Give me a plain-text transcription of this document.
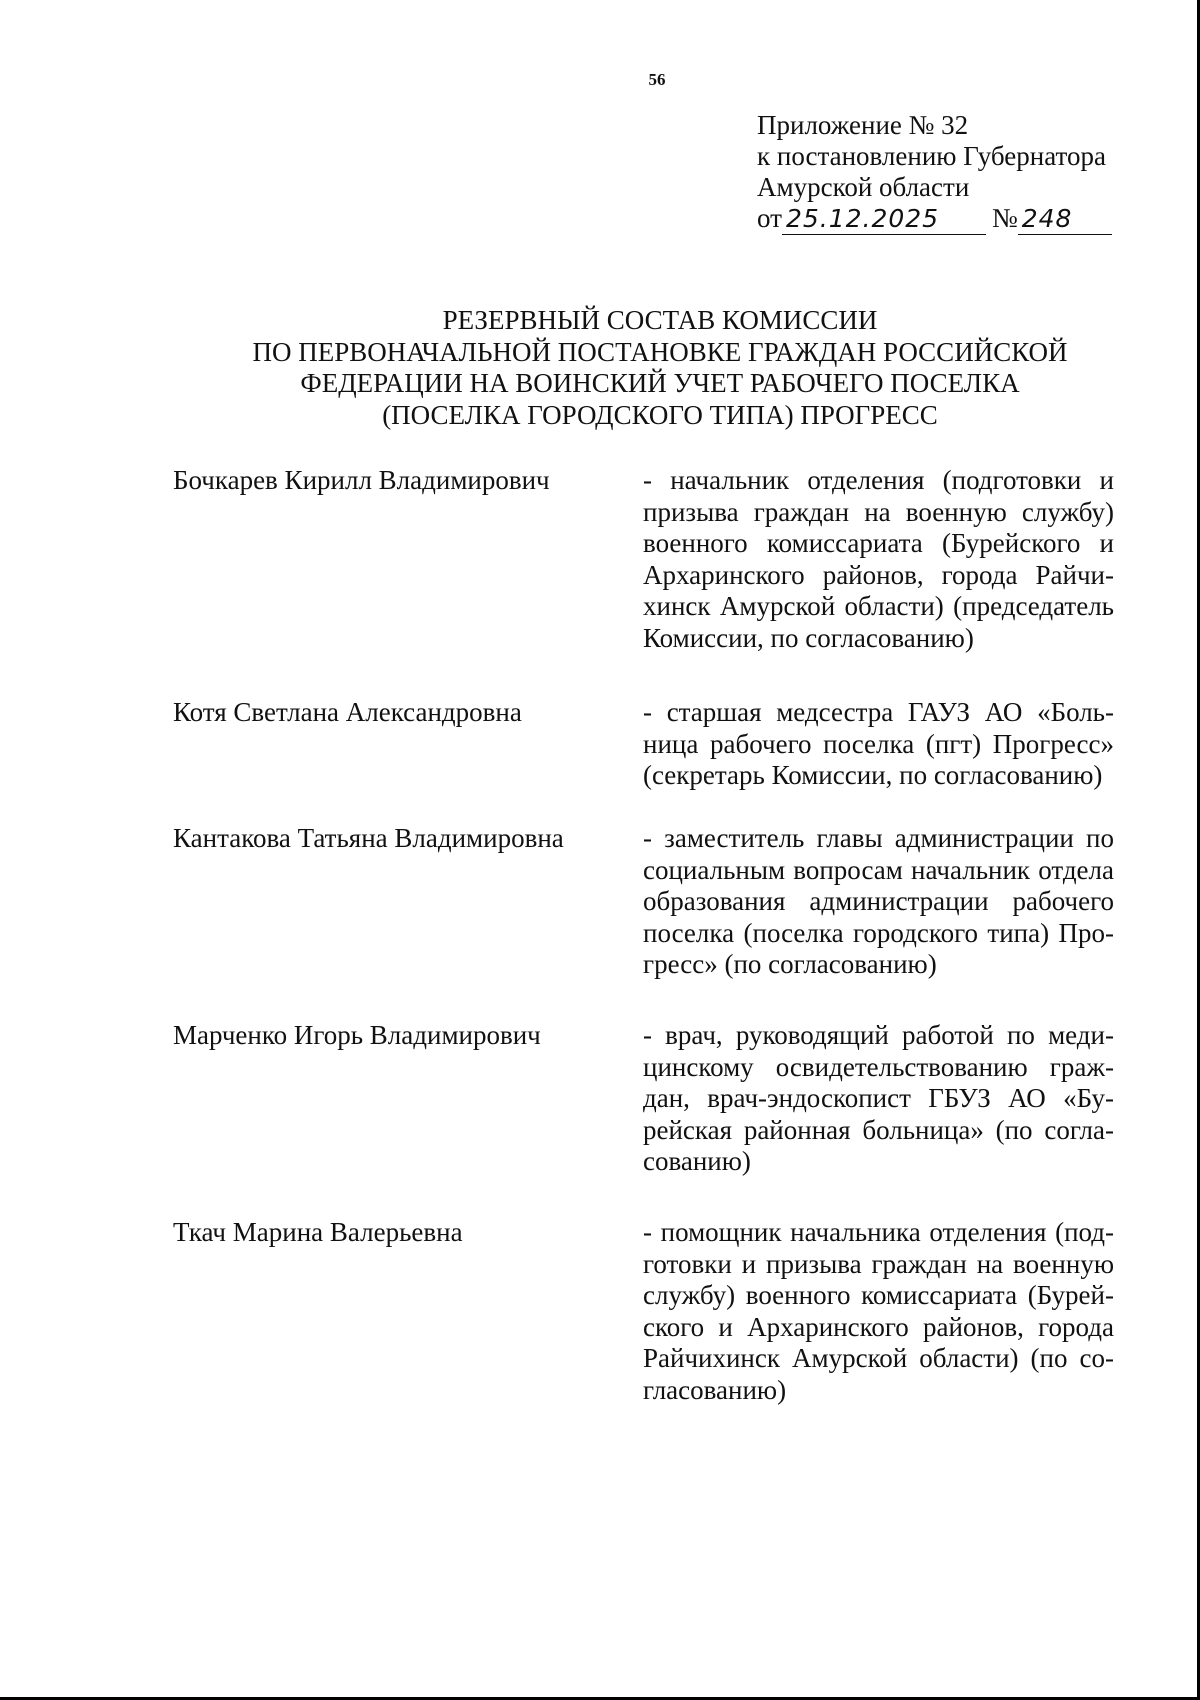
56
Приложение № 32
к постановлению Губернатора
Амурской области
от 25.12.2025	№ 248
РЕЗЕРВНЫЙ СОСТАВ КОМИССИИ
ПО ПЕРВОНАЧАЛЬНОЙ ПОСТАНОВКЕ ГРАЖДАН РОССИЙСКОЙ
ФЕДЕРАЦИИ НА ВОИНСКИЙ УЧЕТ РАБОЧЕГО ПОСЕЛКА
(ПОСЕЛКА ГОРОДСКОГО ТИПА) ПРОГРЕСС
Бочкарев Кирилл Владимирович	- начальник отделения (подготовки и призыва граждан на военную службу) военного комиссариата (Бурейского и Архаринского районов, города Райчихинск Амурской области) (председатель Комиссии, по согласованию)
Котя Светлана Александровна	- старшая медсестра ГАУЗ АО «Больница рабочего поселка (пгт) Прогресс» (секретарь Комиссии, по согласованию)
Кантакова Татьяна Владимировна	- заместитель главы администрации по социальным вопросам начальник отдела образования администрации рабочего поселка (поселка городского типа) Прогресс» (по согласованию)
Марченко Игорь Владимирович	- врач, руководящий работой по медицинскому освидетельствованию граждан, врач-эндоскопист ГБУЗ АО «Бурейская районная больница» (по согласованию)
Ткач Марина Валерьевна	- помощник начальника отделения (подготовки и призыва граждан на военную службу) военного комиссариата (Бурейского и Архаринского районов, города Райчихинск Амурской области) (по согласованию)
